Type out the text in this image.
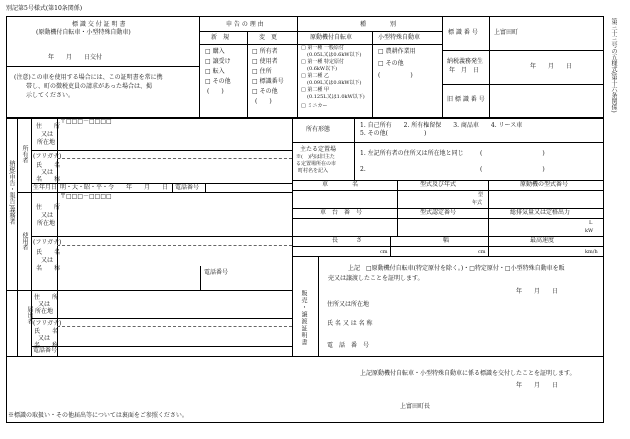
別記第5号様式(第10条関係)
第三十三号の五様式(第十六条関係)
標 識 交 付 証 明 書
(原動機付自転車・小型特殊自動車)
年　　月　　日交付
(注意)この車を使用する場合には、この証明書を常に携
帯し、町の徴税吏員の請求があった場合は、掲
示してください。
申 告 の 理 由
新　規	変　更
□ 購入
□ 譲受け
□ 転入
□ その他
(　　)
□ 所有者
□ 使用者
□ 住所
□ 標識番号
□ その他
(　　)
種　　　　別
原動機付自転車	小型特殊自動車
□ 第一種 一般原付
(0.05L又は0.6kW以下)
□ 第一種 特定原付
(0.6kW以下)
□ 第二種 乙
(0.09L又は0.8kW以下)
□ 第二種 甲
(0.125L又は1.0kW以下)
□ ミニカー
□ 農耕作業用
□ その他
(　　　　　)
標 識 番 号	上富田町
納税義務発生
年　月　日
年　　月　　日
旧 標 識 番 号
納税(申告・報告)義務者
所有者
使用者
〒□□□－□□□□
住　　所
又は
所在地
(フリガナ)
氏　　名
又は
名　　称
生年月日 明・大・昭・平・令　　年　　月　　日 電話番号
〒□□□－□□□□
住　　所
又は
所在地
(フリガナ)
氏　　名
又は
名　　称
電話番号
届出者
住　　所
又は
所在地
(フリガナ)
氏　　名
又は
名　　称
電話番号
所有形態
1. 自己所有　　2. 所有権留保　　3. 商品車　　4. リース車
5. その他(　　　　　　)
主たる定置場
※(　)内は旧主た
る定置場所在の市
町村名を記入
1. 左記所有者の住所又は所在地と同じ
2.
(　　　　　　　　　　)
(　　　　　　　　　　)
車　　　　名	型式及び年式	原動機の型式番号
型
年式
車　台　番　号	型式認定番号	総排気量又は定格出力
L
kW
長　　　さ	幅	最高速度
cm	cm	km/h
販売・譲渡証明書
上記　□原動機付自転車(特定原付を除く。)・□特定原付・□小型特殊自動車を販
売又は譲渡したことを証明します。
年　　月　　日
住所又は所在地
氏 名 又 は 名 称
電　話　番　号
上記原動機付自転車・小型特殊自動車に係る標識を交付したことを証明します。
年　　月　　日
上富田町長
※標識の取扱い・その他届出等については裏面をご参照ください。
